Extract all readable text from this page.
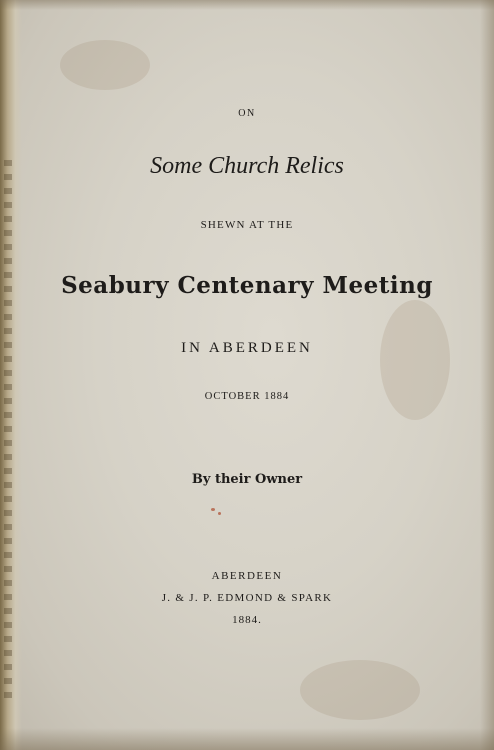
ON
Some Church Relics
SHEWN AT THE
Seabury Centenary Meeting
IN ABERDEEN
OCTOBER 1884
By their Owner
ABERDEEN
J. & J. P. EDMOND & SPARK
1884.
